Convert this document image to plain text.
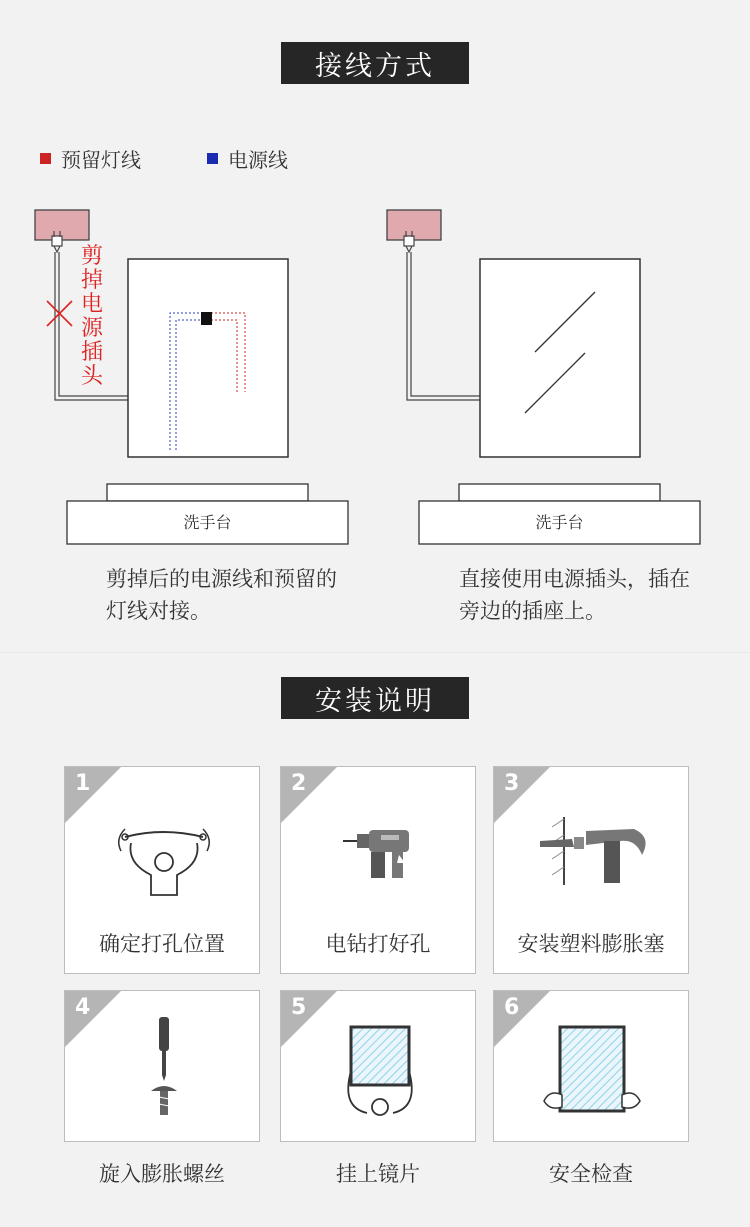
接线方式
预留灯线	电源线
剪掉电源插头
洗手台	洗手台
剪掉后的电源线和预留的灯线对接。
直接使用电源插头，插在旁边的插座上。
安装说明
1
确定打孔位置
2
电钻打好孔
3
安装塑料膨胀塞
4
旋入膨胀螺丝
5
挂上镜片
6
安全检查
